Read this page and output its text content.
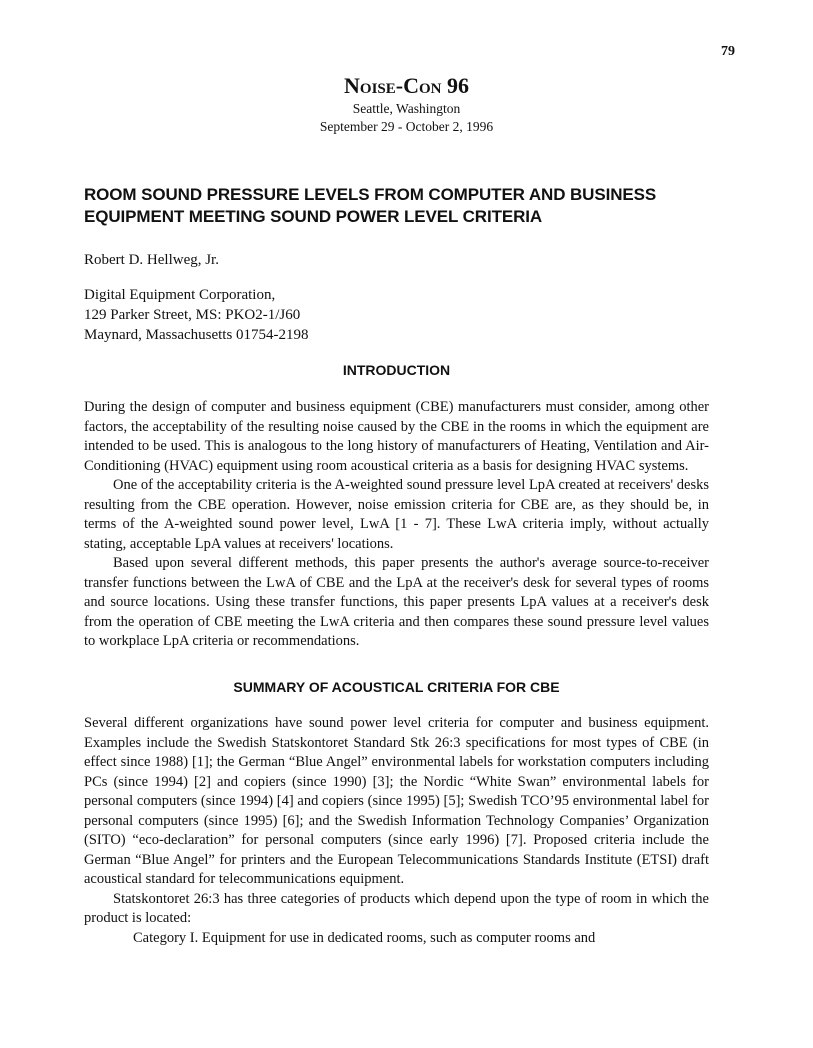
79

Noise-Con 96

Seattle, Washington

September 29 - October 2, 1996

ROOM SOUND PRESSURE LEVELS FROM COMPUTER AND BUSINESS EQUIPMENT MEETING SOUND POWER LEVEL CRITERIA

Robert D. Hellweg, Jr.

Digital Equipment Corporation,
129 Parker Street, MS: PKO2-1/J60
Maynard, Massachusetts 01754-2198
INTRODUCTION

During the design of computer and business equipment (CBE) manufacturers must consider, among other factors, the acceptability of the resulting noise caused by the CBE in the rooms in which the equipment are intended to be used. This is analogous to the long history of manufacturers of Heating, Ventilation and Air-Conditioning (HVAC) equipment using room acoustical criteria as a basis for designing HVAC systems.

One of the acceptability criteria is the A-weighted sound pressure level LpA created at receivers' desks resulting from the CBE operation. However, noise emission criteria for CBE are, as they should be, in terms of the A-weighted sound power level, LwA [1 - 7]. These LwA criteria imply, without actually stating, acceptable LpA values at receivers' locations.

Based upon several different methods, this paper presents the author's average source-to-receiver transfer functions between the LwA of CBE and the LpA at the receiver's desk for several types of rooms and source locations. Using these transfer functions, this paper presents LpA values at a receiver's desk from the operation of CBE meeting the LwA criteria and then compares these sound pressure level values to workplace LpA criteria or recommendations.

SUMMARY OF ACOUSTICAL CRITERIA FOR CBE

Several different organizations have sound power level criteria for computer and business equipment. Examples include the Swedish Statskontoret Standard Stk 26:3 specifications for most types of CBE (in effect since 1988) [1]; the German “Blue Angel” environmental labels for workstation computers including PCs (since 1994) [2] and copiers (since 1990) [3]; the Nordic “White Swan” environmental labels for personal computers (since 1994) [4] and copiers (since 1995) [5]; Swedish TCO’95 environmental label for personal computers (since 1995) [6]; and the Swedish Information Technology Companies’ Organization (SITO) “eco-declaration” for personal computers (since early 1996) [7]. Proposed criteria include the German “Blue Angel” for printers and the European Telecommunications Standards Institute (ETSI) draft acoustical standard for telecommunications equipment.

Statskontoret 26:3 has three categories of products which depend upon the type of room in which the product is located:

Category I. Equipment for use in dedicated rooms, such as computer rooms and
